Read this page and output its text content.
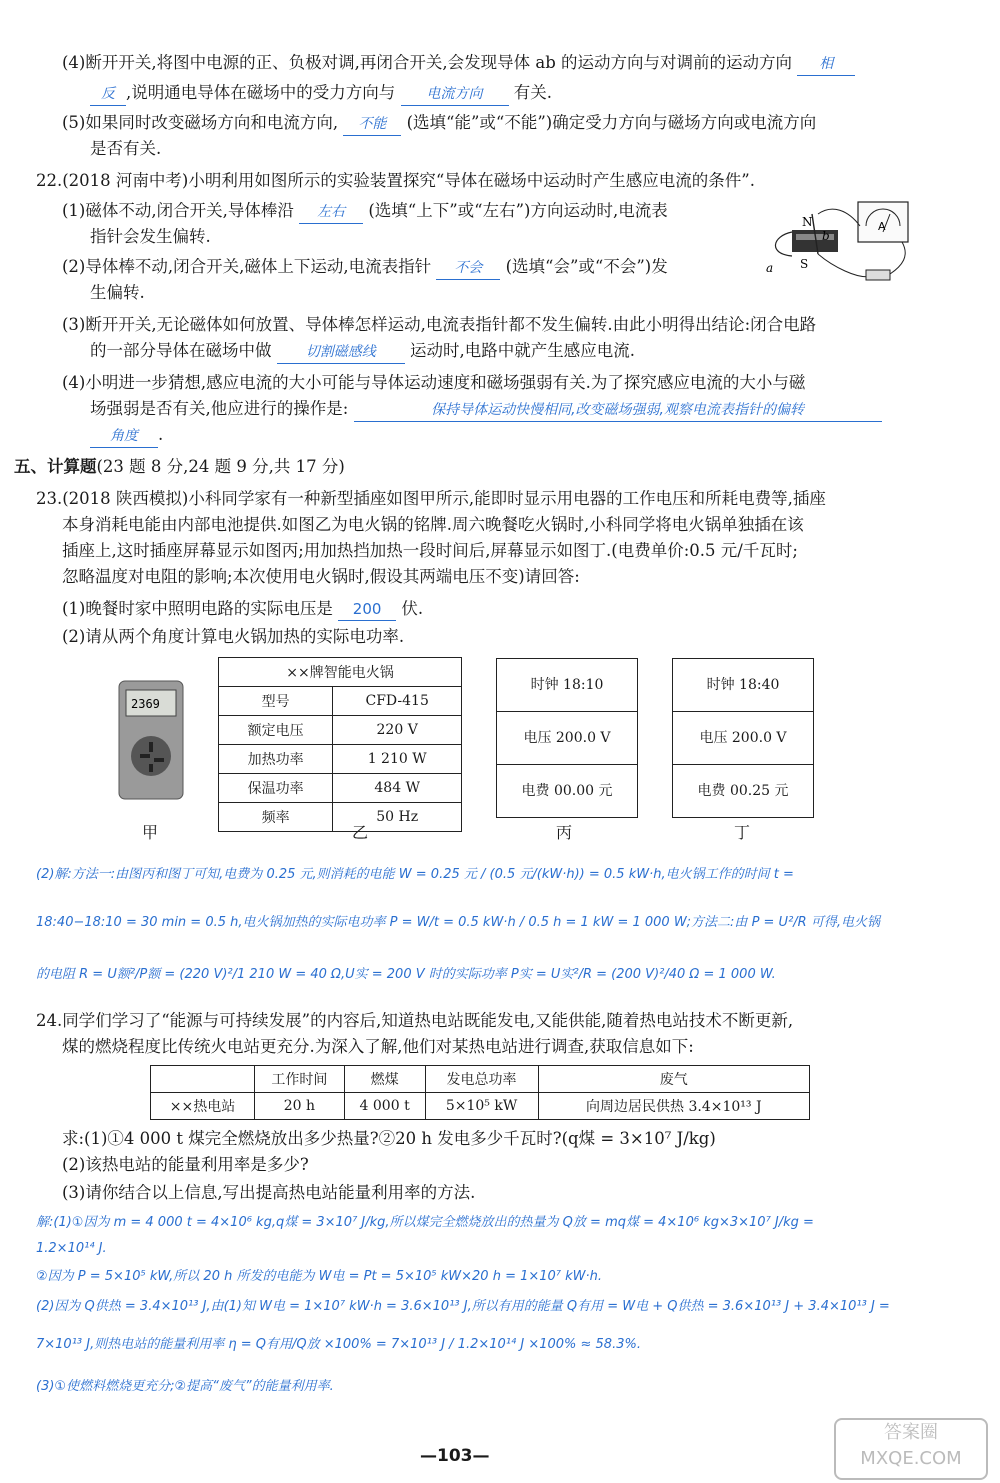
(4)断开开关,将图中电源的正、负极对调,再闭合开关,会发现导体 ab 的运动方向与对调前的运动方向 相
反 ,说明通电导体在磁场中的受力方向与 电流方向 有关.
(5)如果同时改变磁场方向和电流方向, 不能 (选填“能”或“不能”)确定受力方向与磁场方向或电流方向
是否有关.
22.(2018 河南中考)小明利用如图所示的实验装置探究“导体在磁场中运动时产生感应电流的条件”.
(1)磁体不动,闭合开关,导体棒沿 左右 (选填“上下”或“左右”)方向运动时,电流表
指针会发生偏转.
(2)导体棒不动,闭合开关,磁体上下运动,电流表指针 不会 (选填“会”或“不会”)发
生偏转.
N
b
a S
A
(3)断开开关,无论磁体如何放置、导体棒怎样运动,电流表指针都不发生偏转.由此小明得出结论:闭合电路
的一部分导体在磁场中做 切割磁感线 运动时,电路中就产生感应电流.
(4)小明进一步猜想,感应电流的大小可能与导体运动速度和磁场强弱有关.为了探究感应电流的大小与磁
场强弱是否有关,他应进行的操作是:	保持导体运动快慢相同,改变磁场强弱,观察电流表指针的偏转
角度 .
五、计算题(23 题 8 分,24 题 9 分,共 17 分)
23.(2018 陕西模拟)小科同学家有一种新型插座如图甲所示,能即时显示用电器的工作电压和所耗电费等,插座
本身消耗电能由内部电池提供.如图乙为电火锅的铭牌.周六晚餐吃火锅时,小科同学将电火锅单独插在该
插座上,这时插座屏幕显示如图丙;用加热挡加热一段时间后,屏幕显示如图丁.(电费单价:0.5 元/千瓦时;
忽略温度对电阻的影响;本次使用电火锅时,假设其两端电压不变)请回答:
(1)晚餐时家中照明电路的实际电压是 200 伏.
(2)请从两个角度计算电火锅加热的实际电功率.
2369
××牌智能电火锅	
型号	CFD-415
额定电压	220 V
加热功率	1 210 W
保温功率	484 W
频率	50 Hz
时钟 18:10
电压 200.0 V
电费 00.00 元
时钟 18:40
电压 200.0 V
电费 00.25 元
甲	乙	丙	丁
(2)解:方法一:由图丙和图丁可知,电费为 0.25 元,则消耗的电能 W = 0.25 元 / (0.5 元/(kW·h)) = 0.5 kW·h,电火锅工作的时间 t =
18:40−18:10 = 30 min = 0.5 h,电火锅加热的实际电功率 P = W/t = 0.5 kW·h / 0.5 h = 1 kW = 1 000 W;方法二:由 P = U²/R 可得,电火锅
的电阻 R = U额²/P额 = (220 V)²/1 210 W = 40 Ω,U实 = 200 V 时的实际功率 P实 = U实²/R = (200 V)²/40 Ω = 1 000 W.
24.同学们学习了“能源与可持续发展”的内容后,知道热电站既能发电,又能供能,随着热电站技术不断更新,
煤的燃烧程度比传统火电站更充分.为深入了解,他们对某热电站进行调查,获取信息如下:
	工作时间	燃煤	发电总功率	废气
××热电站	20 h	4 000 t	5×10⁵ kW	向周边居民供热 3.4×10¹³ J
求:(1)①4 000 t 煤完全燃烧放出多少热量?②20 h 发电多少千瓦时?(q煤 = 3×10⁷ J/kg)
(2)该热电站的能量利用率是多少?
(3)请你结合以上信息,写出提高热电站能量利用率的方法.
解:(1)①因为 m = 4 000 t = 4×10⁶ kg,q煤 = 3×10⁷ J/kg,所以煤完全燃烧放出的热量为 Q放 = mq煤 = 4×10⁶ kg×3×10⁷ J/kg =
1.2×10¹⁴ J.
②因为 P = 5×10⁵ kW,所以 20 h 所发的电能为 W电 = Pt = 5×10⁵ kW×20 h = 1×10⁷ kW·h.
(2)因为 Q供热 = 3.4×10¹³ J,由(1)知 W电 = 1×10⁷ kW·h = 3.6×10¹³ J,所以有用的能量 Q有用 = W电 + Q供热 = 3.6×10¹³ J + 3.4×10¹³ J =
7×10¹³ J,则热电站的能量利用率 η = Q有用/Q放 ×100% = 7×10¹³ J / 1.2×10¹⁴ J ×100% ≈ 58.3%.
(3)①使燃料燃烧更充分;②提高“废气”的能量利用率.
—103—
答案圈
MXQE.COM
